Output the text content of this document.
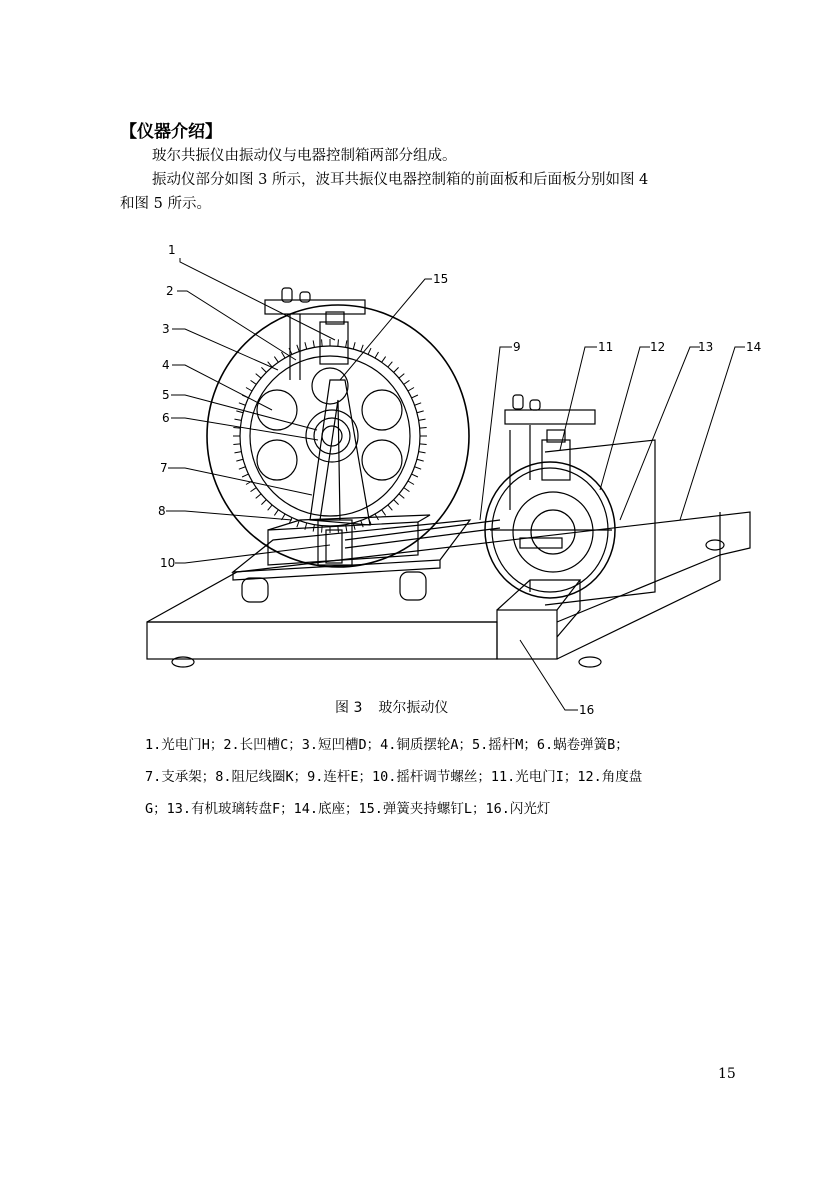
【仪器介绍】
玻尔共振仪由振动仪与电器控制箱两部分组成。
振动仪部分如图 3 所示，波耳共振仪电器控制箱的前面板和后面板分别如图 4
和图 5 所示。
1
2
3
4
5
6
7
8
9
10
11	12	13	14
15
16
图 3 玻尔振动仪
1.光电门H；2.长凹槽C；3.短凹槽D；4.铜质摆轮A；5.摇杆M；6.蜗卷弹簧B；
7.支承架；8.阻尼线圈K；9.连杆E；10.摇杆调节螺丝；11.光电门I；12.角度盘
G；13.有机玻璃转盘F；14.底座；15.弹簧夹持螺钉L；16.闪光灯
15
